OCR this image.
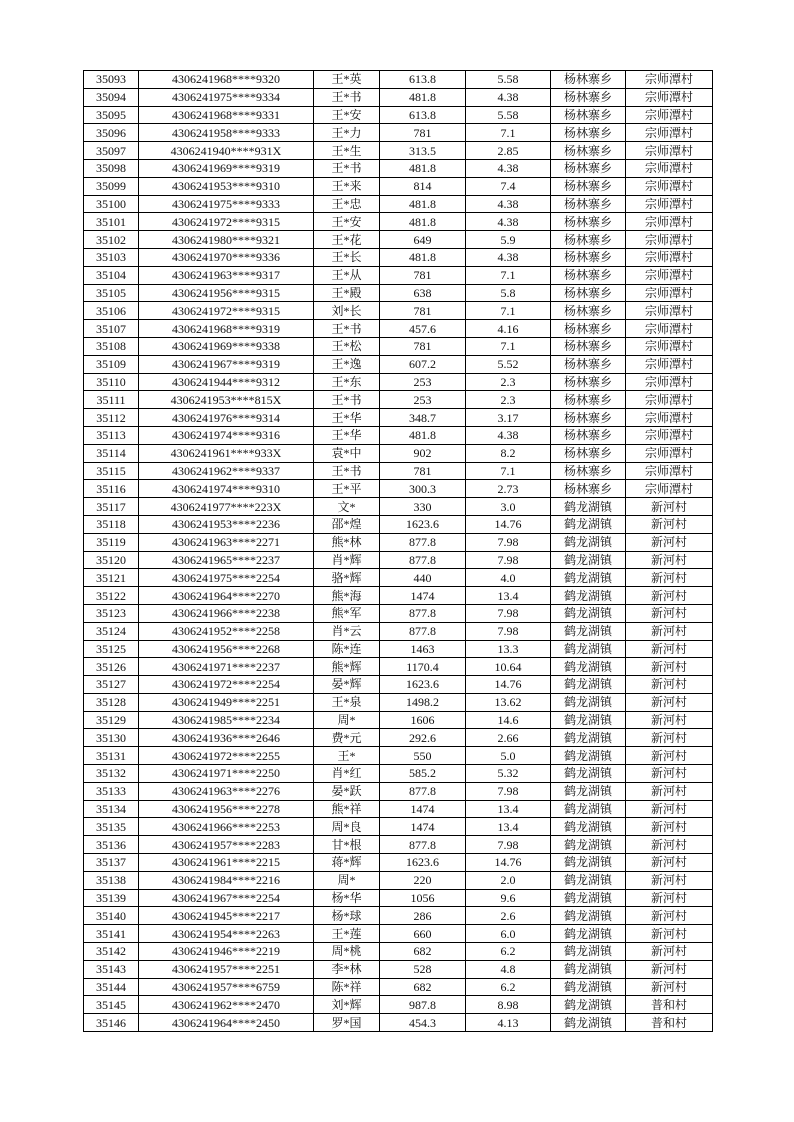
35093	4306241968****9320	王*英	613.8	5.58	杨林寨乡	宗师潭村
35094	4306241975****9334	王*书	481.8	4.38	杨林寨乡	宗师潭村
35095	4306241968****9331	王*安	613.8	5.58	杨林寨乡	宗师潭村
35096	4306241958****9333	王*力	781	7.1	杨林寨乡	宗师潭村
35097	4306241940****931X	王*生	313.5	2.85	杨林寨乡	宗师潭村
35098	4306241969****9319	王*书	481.8	4.38	杨林寨乡	宗师潭村
35099	4306241953****9310	王*来	814	7.4	杨林寨乡	宗师潭村
35100	4306241975****9333	王*忠	481.8	4.38	杨林寨乡	宗师潭村
35101	4306241972****9315	王*安	481.8	4.38	杨林寨乡	宗师潭村
35102	4306241980****9321	王*花	649	5.9	杨林寨乡	宗师潭村
35103	4306241970****9336	王*长	481.8	4.38	杨林寨乡	宗师潭村
35104	4306241963****9317	王*从	781	7.1	杨林寨乡	宗师潭村
35105	4306241956****9315	王*殿	638	5.8	杨林寨乡	宗师潭村
35106	4306241972****9315	刘*长	781	7.1	杨林寨乡	宗师潭村
35107	4306241968****9319	王*书	457.6	4.16	杨林寨乡	宗师潭村
35108	4306241969****9338	王*松	781	7.1	杨林寨乡	宗师潭村
35109	4306241967****9319	王*逸	607.2	5.52	杨林寨乡	宗师潭村
35110	4306241944****9312	王*东	253	2.3	杨林寨乡	宗师潭村
35111	4306241953****815X	王*书	253	2.3	杨林寨乡	宗师潭村
35112	4306241976****9314	王*华	348.7	3.17	杨林寨乡	宗师潭村
35113	4306241974****9316	王*华	481.8	4.38	杨林寨乡	宗师潭村
35114	4306241961****933X	袁*中	902	8.2	杨林寨乡	宗师潭村
35115	4306241962****9337	王*书	781	7.1	杨林寨乡	宗师潭村
35116	4306241974****9310	王*平	300.3	2.73	杨林寨乡	宗师潭村
35117	4306241977****223X	文*	330	3.0	鹤龙湖镇	新河村
35118	4306241953****2236	邵*煌	1623.6	14.76	鹤龙湖镇	新河村
35119	4306241963****2271	熊*林	877.8	7.98	鹤龙湖镇	新河村
35120	4306241965****2237	肖*辉	877.8	7.98	鹤龙湖镇	新河村
35121	4306241975****2254	骆*辉	440	4.0	鹤龙湖镇	新河村
35122	4306241964****2270	熊*海	1474	13.4	鹤龙湖镇	新河村
35123	4306241966****2238	熊*军	877.8	7.98	鹤龙湖镇	新河村
35124	4306241952****2258	肖*云	877.8	7.98	鹤龙湖镇	新河村
35125	4306241956****2268	陈*连	1463	13.3	鹤龙湖镇	新河村
35126	4306241971****2237	熊*辉	1170.4	10.64	鹤龙湖镇	新河村
35127	4306241972****2254	晏*辉	1623.6	14.76	鹤龙湖镇	新河村
35128	4306241949****2251	王*泉	1498.2	13.62	鹤龙湖镇	新河村
35129	4306241985****2234	周*	1606	14.6	鹤龙湖镇	新河村
35130	4306241936****2646	费*元	292.6	2.66	鹤龙湖镇	新河村
35131	4306241972****2255	王*	550	5.0	鹤龙湖镇	新河村
35132	4306241971****2250	肖*红	585.2	5.32	鹤龙湖镇	新河村
35133	4306241963****2276	晏*跃	877.8	7.98	鹤龙湖镇	新河村
35134	4306241956****2278	熊*祥	1474	13.4	鹤龙湖镇	新河村
35135	4306241966****2253	周*良	1474	13.4	鹤龙湖镇	新河村
35136	4306241957****2283	甘*根	877.8	7.98	鹤龙湖镇	新河村
35137	4306241961****2215	蒋*辉	1623.6	14.76	鹤龙湖镇	新河村
35138	4306241984****2216	周*	220	2.0	鹤龙湖镇	新河村
35139	4306241967****2254	杨*华	1056	9.6	鹤龙湖镇	新河村
35140	4306241945****2217	杨*球	286	2.6	鹤龙湖镇	新河村
35141	4306241954****2263	王*莲	660	6.0	鹤龙湖镇	新河村
35142	4306241946****2219	周*桃	682	6.2	鹤龙湖镇	新河村
35143	4306241957****2251	李*林	528	4.8	鹤龙湖镇	新河村
35144	4306241957****6759	陈*祥	682	6.2	鹤龙湖镇	新河村
35145	4306241962****2470	刘*辉	987.8	8.98	鹤龙湖镇	普和村
35146	4306241964****2450	罗*国	454.3	4.13	鹤龙湖镇	普和村
